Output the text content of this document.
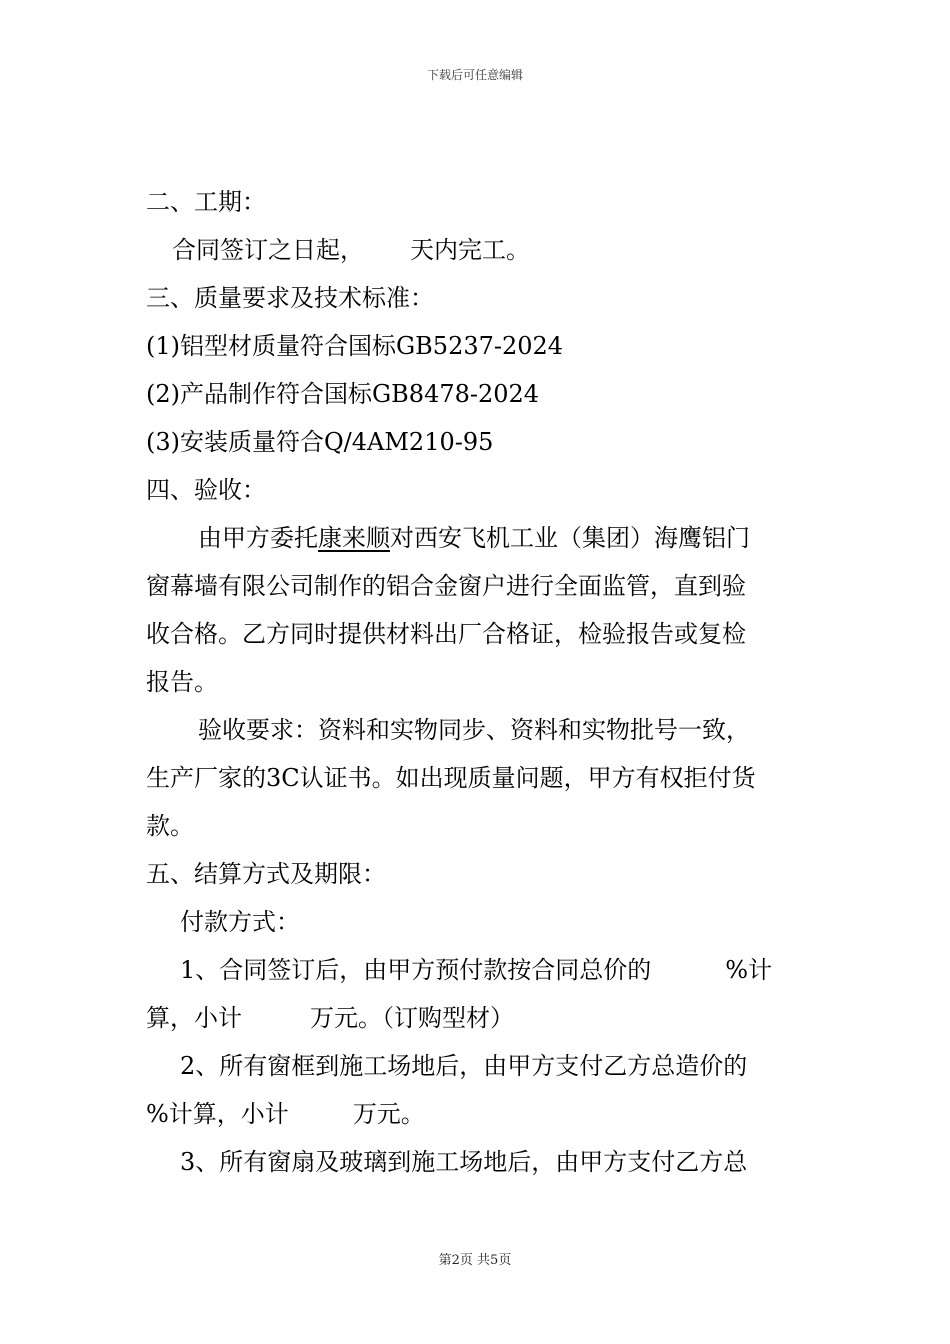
下载后可任意编辑
二、工期：
合同签订之日起， 天内完工。
三、质量要求及技术标准：
(1)铝型材质量符合国标GB5237-2024
(2)产品制作符合国标GB8478-2024
(3)安装质量符合Q/4AM210-95
四、验收：
由甲方委托康来顺对西安飞机工业（集团）海鹰铝门
窗幕墙有限公司制作的铝合金窗户进行全面监管，直到验
收合格。乙方同时提供材料出厂合格证，检验报告或复检
报告。
验收要求：资料和实物同步、资料和实物批号一致，
生产厂家的3C认证书。如出现质量问题，甲方有权拒付货
款。
五、结算方式及期限：
付款方式：
1、合同签订后，由甲方预付款按合同总价的	%计
算，小计	万元。（订购型材）
2、所有窗框到施工场地后，由甲方支付乙方总造价的
%计算，小计	万元。
3、所有窗扇及玻璃到施工场地后，由甲方支付乙方总
第2页 共5页
